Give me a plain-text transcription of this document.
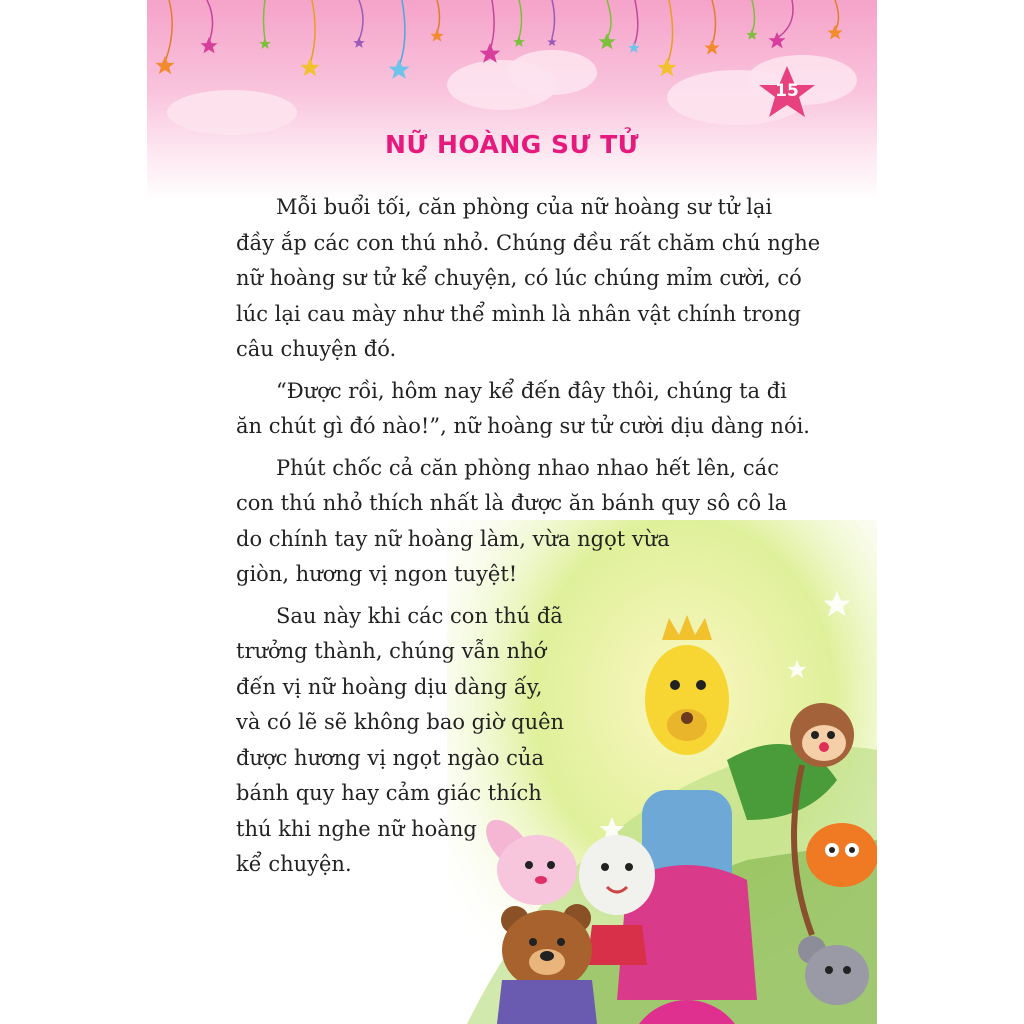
15
NỮ HOÀNG SƯ TỬ

Mỗi buổi tối, căn phòng của nữ hoàng sư tử lại
đầy ắp các con thú nhỏ. Chúng đều rất chăm chú nghe
nữ hoàng sư tử kể chuyện, có lúc chúng mỉm cười, có
lúc lại cau mày như thể mình là nhân vật chính trong
câu chuyện đó.

“Được rồi, hôm nay kể đến đây thôi, chúng ta đi
ăn chút gì đó nào!”, nữ hoàng sư tử cười dịu dàng nói.

Phút chốc cả căn phòng nhao nhao hết lên, các
con thú nhỏ thích nhất là được ăn bánh quy sô cô la
do chính tay nữ hoàng làm, vừa ngọt vừa
giòn, hương vị ngon tuyệt!

Sau này khi các con thú đã
trưởng thành, chúng vẫn nhớ
đến vị nữ hoàng dịu dàng ấy,
và có lẽ sẽ không bao giờ quên
được hương vị ngọt ngào của
bánh quy hay cảm giác thích
thú khi nghe nữ hoàng
kể chuyện.
